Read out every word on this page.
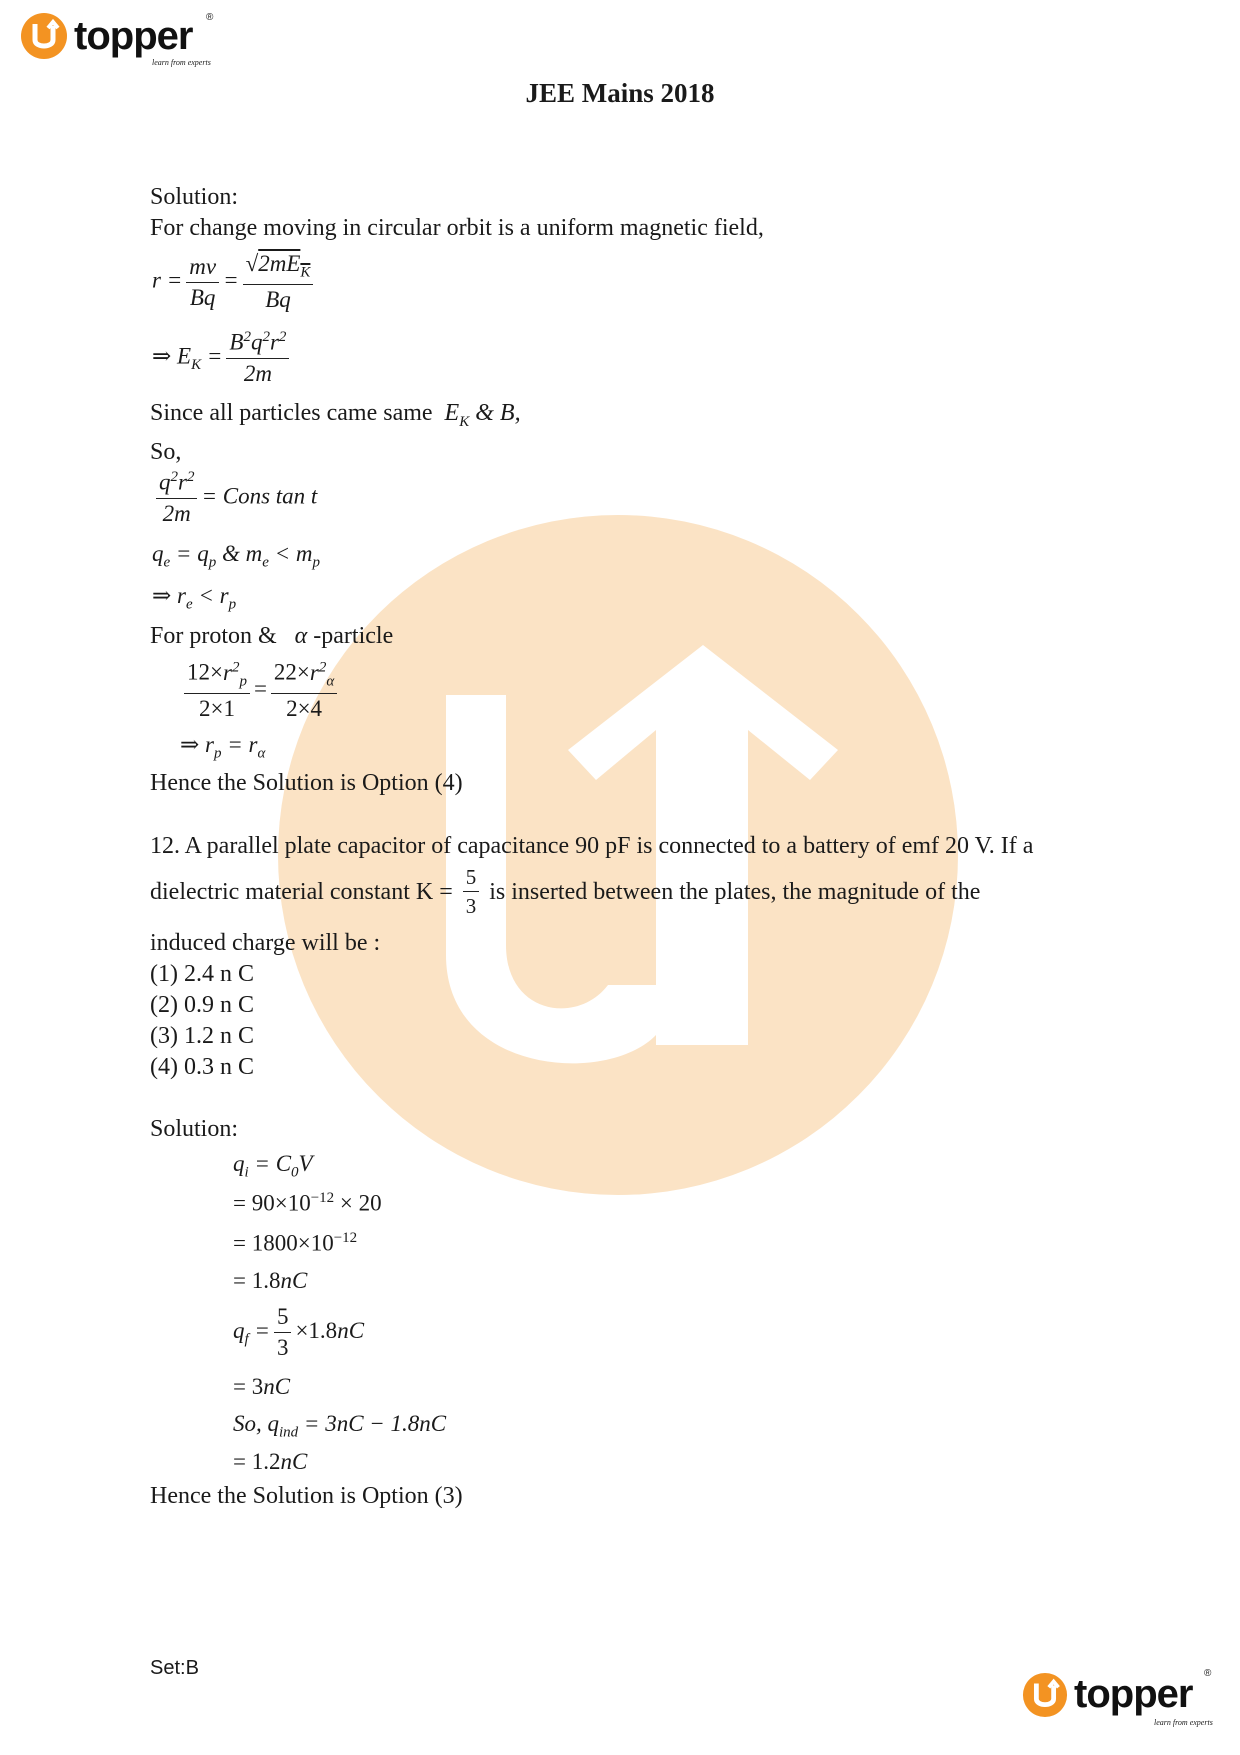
topper ®
learn from experts
JEE Mains 2018
Solution:
For change moving in circular orbit is a uniform magnetic field,
$r = \frac{mv}{Bq} = \frac{√2mE_K}{Bq}$
⇒ $E_K = \frac{B^2q^2r^2}{2m}$
Since all particles came same  $E_K$ & B,
So,
$\frac{q^2r^2}{2m}$ = Cons tan t
$q_e = q_p$ & $m_e < m_p$
⇒ $r_e < r_p$
For proton &   α -particle
$\frac{12\times r^2_p}{2\times 1} = \frac{22\times r^2_\alpha}{2\times 4}$
⇒ $r_p = r_\alpha$
Hence the Solution is Option (4)
12. A parallel plate capacitor of capacitance 90 pF is connected to a battery of emf 20 V. If a
dielectric material constant $K = \frac{5}{3}$ is inserted between the plates, the magnitude of the
induced charge will be :
(1) 2.4 n C
(2) 0.9 n C
(3) 1.2 n C
(4) 0.3 n C
Solution:
$q_i = C_0V$
= $90\times 10^{-12} \times 20$
= $1800\times 10^{-12}$
= 1.8nC
$q_f = \frac{5}{3} \times 1.8nC$
= 3nC
So, $q_{ind} = 3nC - 1.8nC$
= 1.2nC
Hence the Solution is Option (3)
Set:B
topper ®
learn from experts
